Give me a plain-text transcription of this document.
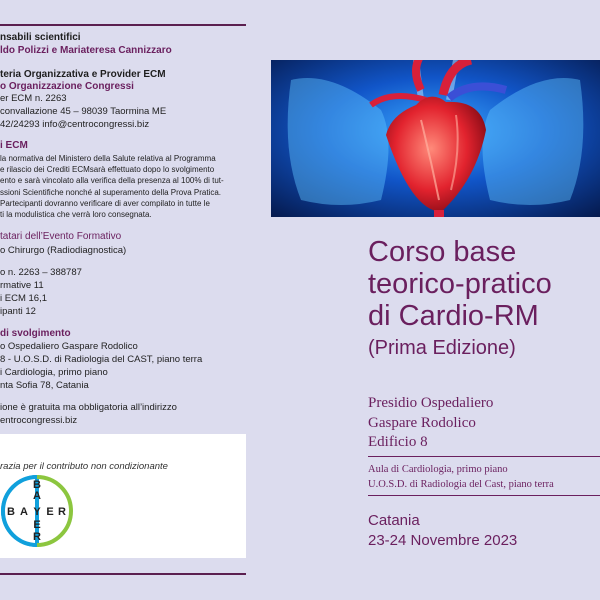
nsabili scientifici
ldo Polizzi e Mariateresa Cannizzaro
teria Organizzativa e Provider ECM
o Organizzazione Congressi
er ECM n. 2263
convallazione 45 – 98039 Taormina ME
42/24293 info@centrocongressi.biz
i ECM
la normativa del Ministero della Salute relativa al Programma
e rilascio dei Crediti ECMsarà effettuato dopo lo svolgimento
ento e sarà vincolato alla verifica della presenza al 100% di tut-
ssioni Scientifiche nonché al superamento della Prova Pratica.
Partecipanti dovranno verificare di aver compilato in tutte le
ti la modulistica che verrà loro consegnata.
tatari dell’Evento Formativo
o Chirurgo (Radiodiagnostica)
o n. 2263 – 388787
rmative 11
i ECM 16,1
ipanti 12
di svolgimento
o Ospedaliero Gaspare Rodolico
8 - U.O.S.D. di Radiologia del CAST, piano terra
i Cardiologia, primo piano
nta Sofia 78, Catania
ione è gratuita ma obbligatoria all’indirizzo
entrocongressi.biz
razia per il contributo non condizionante
B
A
B A Y E R
E
R
Corso base
teorico-pratico
di Cardio-RM
(Prima Edizione)
Presidio Ospedaliero
Gaspare Rodolico
Edificio 8
Aula di Cardiologia, primo piano
U.O.S.D. di Radiologia del Cast, piano terra
Catania
23-24 Novembre 2023
